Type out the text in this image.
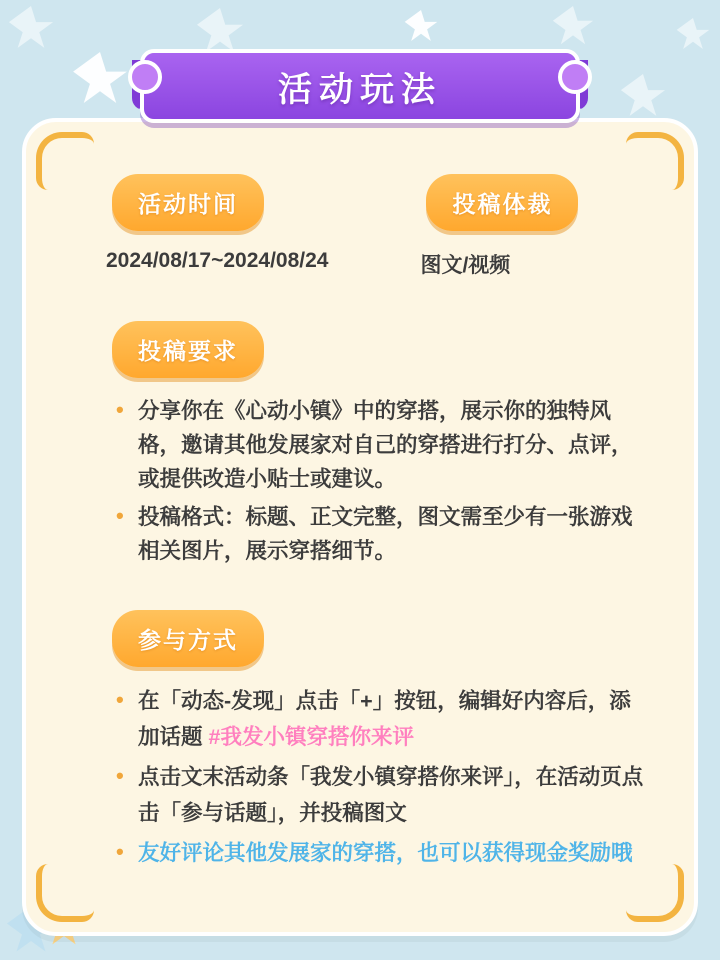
活动时间
2024/08/17~2024/08/24
投稿体裁
图文/视频
投稿要求
• 分享你在《心动小镇》中的穿搭，展示你的独特风格，邀请其他发展家对自己的穿搭进行打分、点评，或提供改造小贴士或建议。
• 投稿格式：标题、正文完整，图文需至少有一张游戏相关图片，展示穿搭细节。
参与方式
• 在「动态-发现」点击「+」按钮，编辑好内容后，添加话题 #我发小镇穿搭你来评
• 点击文末活动条「我发小镇穿搭你来评」，在活动页点击「参与话题」，并投稿图文
• 友好评论其他发展家的穿搭，也可以获得现金奖励哦
活动玩法
